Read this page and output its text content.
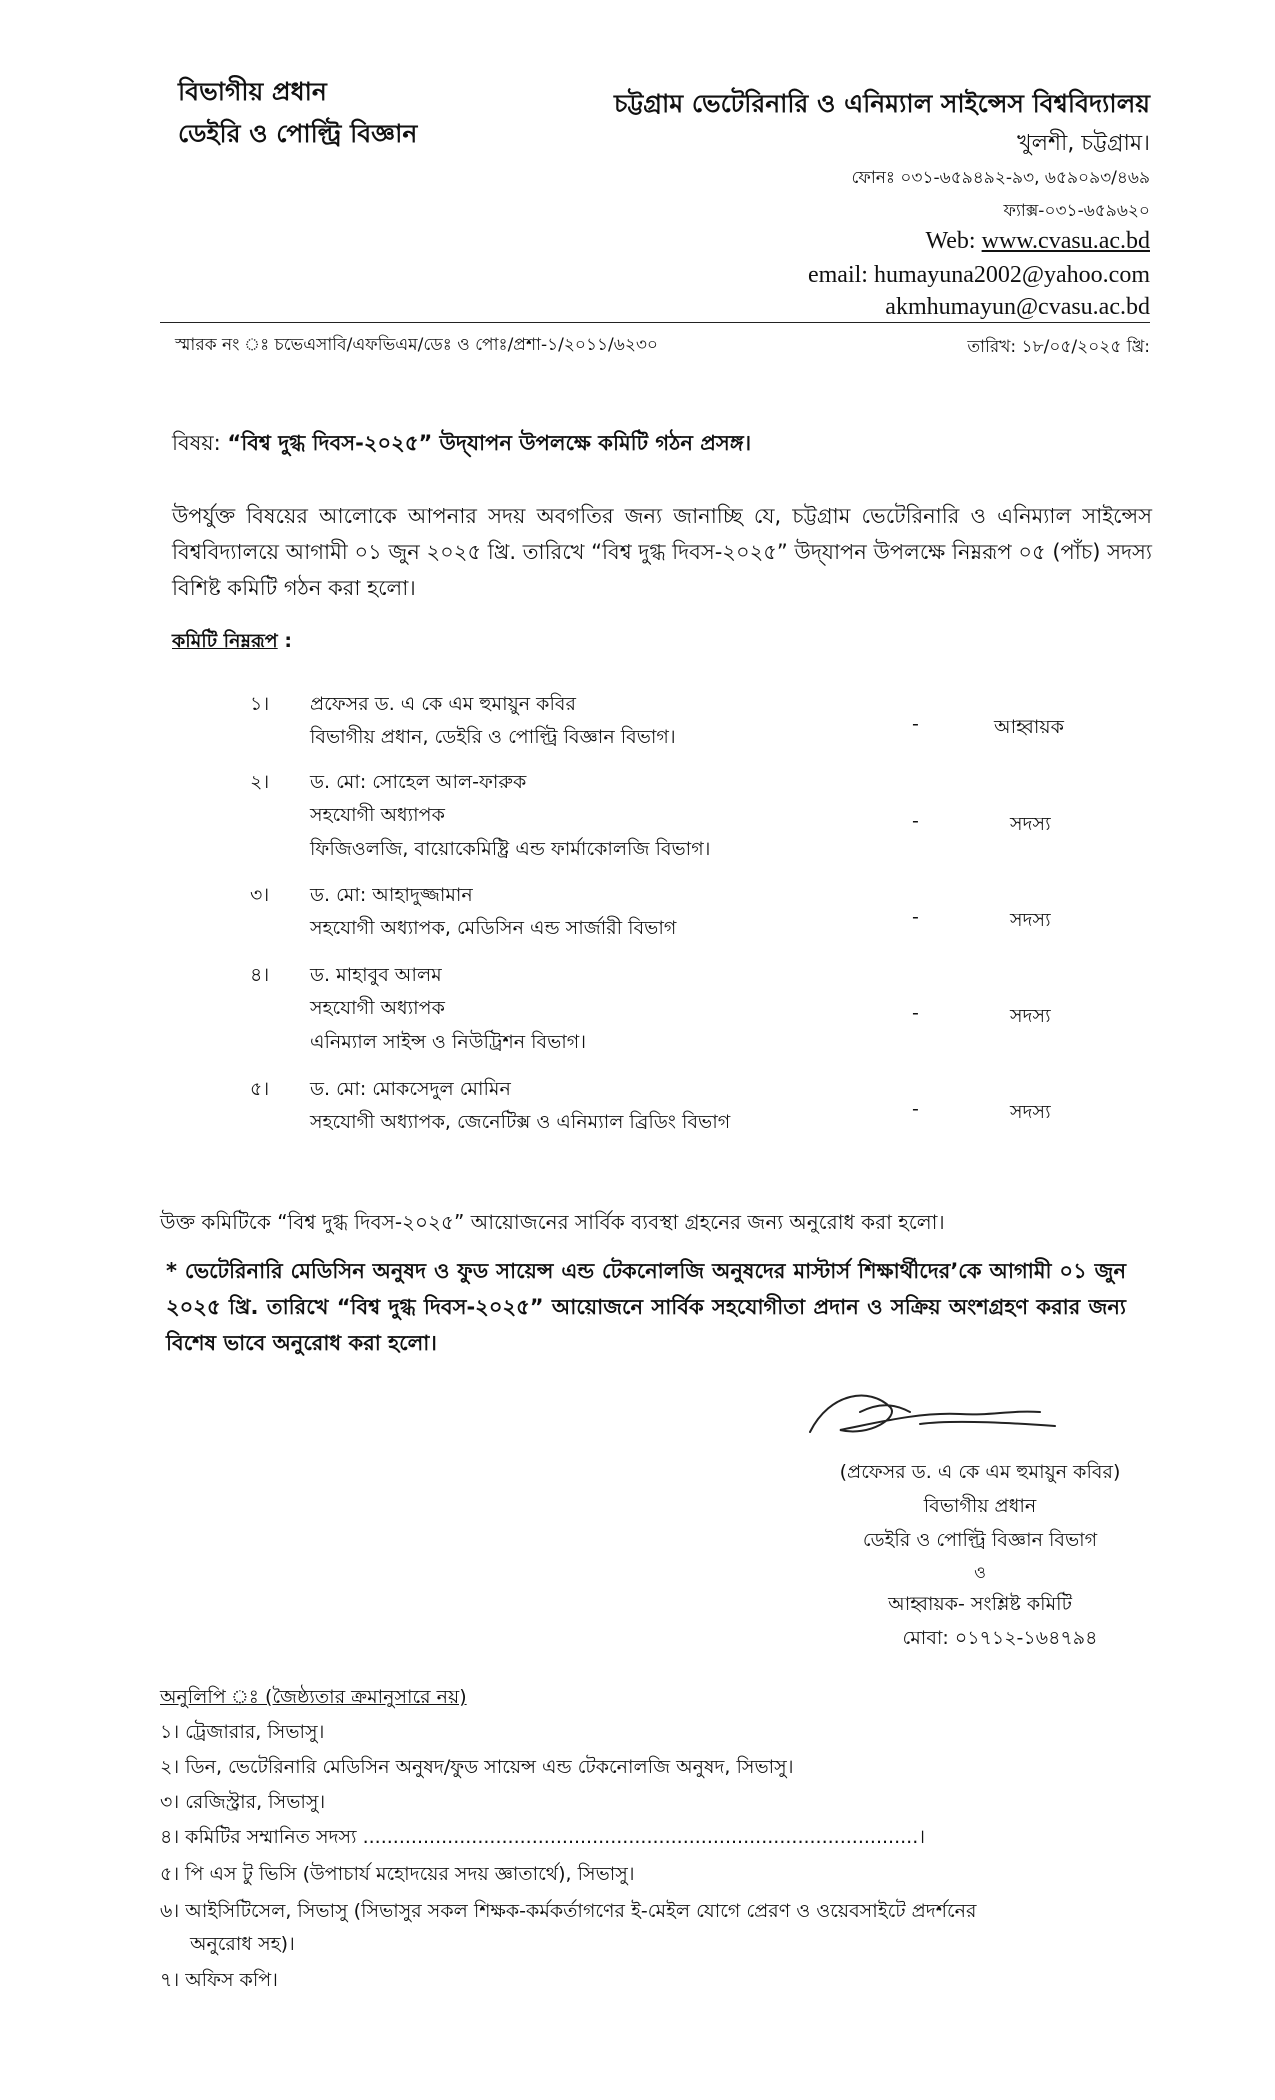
বিভাগীয় প্রধান
ডেইরি ও পোল্ট্রি বিজ্ঞান
চট্টগ্রাম ভেটেরিনারি ও এনিম্যাল সাইন্সেস বিশ্ববিদ্যালয়
খুলশী, চট্টগ্রাম।
ফোনঃ ০৩১-৬৫৯৪৯২-৯৩, ৬৫৯০৯৩/৪৬৯
ফ্যাক্স-০৩১-৬৫৯৬২০
Web: www.cvasu.ac.bd
email: humayuna2002@yahoo.com
akmhumayun@cvasu.ac.bd
স্মারক নং ঃ চভেএসাবি/এফভিএম/ডেঃ ও পোঃ/প্রশা-১/২০১১/৬২৩০	তারিখ: ১৮/০৫/২০২৫ খ্রি:
বিষয়: “বিশ্ব দুগ্ধ দিবস-২০২৫” উদ্‌যাপন উপলক্ষে কমিটি গঠন প্রসঙ্গ।
উপর্যুক্ত বিষয়ের আলোকে আপনার সদয় অবগতির জন্য জানাচ্ছি যে, চট্টগ্রাম ভেটেরিনারি ও এনিম্যাল সাইন্সেস বিশ্ববিদ্যালয়ে আগামী ০১ জুন ২০২৫ খ্রি. তারিখে “বিশ্ব দুগ্ধ দিবস-২০২৫” উদ্‌যাপন উপলক্ষে নিম্নরূপ ০৫ (পাঁচ) সদস্য বিশিষ্ট কমিটি গঠন করা হলো।
কমিটি নিম্নরূপ :
১। প্রফেসর ড. এ কে এম হুমায়ুন কবির
বিভাগীয় প্রধান, ডেইরি ও পোল্ট্রি বিজ্ঞান বিভাগ।
-	আহ্বায়ক
২। ড. মো: সোহেল আল-ফারুক
সহযোগী অধ্যাপক
ফিজিওলজি, বায়োকেমিষ্ট্রি এন্ড ফার্মাকোলজি বিভাগ।
-	সদস্য
৩। ড. মো: আহাদুজ্জামান
সহযোগী অধ্যাপক, মেডিসিন এন্ড সার্জারী বিভাগ	-	সদস্য
৪। ড. মাহাবুব আলম
সহযোগী অধ্যাপক
এনিম্যাল সাইন্স ও নিউট্রিশন বিভাগ।
-	সদস্য
৫। ড. মো: মোকসেদুল মোমিন
সহযোগী অধ্যাপক, জেনেটিক্স ও এনিম্যাল ব্রিডিং বিভাগ
-	সদস্য
উক্ত কমিটিকে “বিশ্ব দুগ্ধ দিবস-২০২৫” আয়োজনের সার্বিক ব্যবস্থা গ্রহনের জন্য অনুরোধ করা হলো।
* ভেটেরিনারি মেডিসিন অনুষদ ও ফুড সায়েন্স এন্ড টেকনোলজি অনুষদের মাস্টার্স শিক্ষার্থীদের’কে আগামী ০১ জুন ২০২৫ খ্রি. তারিখে “বিশ্ব দুগ্ধ দিবস-২০২৫” আয়োজনে সার্বিক সহযোগীতা প্রদান ও সক্রিয় অংশগ্রহণ করার জন্য বিশেষ ভাবে অনুরোধ করা হলো।
(প্রফেসর ড. এ কে এম হুমায়ুন কবির)
বিভাগীয় প্রধান
ডেইরি ও পোল্ট্রি বিজ্ঞান বিভাগ
ও
আহ্বায়ক- সংশ্লিষ্ট কমিটি
মোবা: ০১৭১২-১৬৪৭৯৪
অনুলিপি ঃ (জৈষ্ঠ্যতার ক্রমানুসারে নয়)
১। ট্রেজারার, সিভাসু।
২। ডিন, ভেটেরিনারি মেডিসিন অনুষদ/ফুড সায়েন্স এন্ড টেকনোলজি অনুষদ, সিভাসু।
৩। রেজিস্ট্রার, সিভাসু।
৪। কমিটির সম্মানিত সদস্য ............................................................................................।
৫। পি এস টু ভিসি (উপাচার্য মহোদয়ের সদয় জ্ঞাতার্থে), সিভাসু।
৬। আইসিটিসেল, সিভাসু (সিভাসুর সকল শিক্ষক-কর্মকর্তাগণের ই-মেইল যোগে প্রেরণ ও ওয়েবসাইটে প্রদর্শনের
অনুরোধ সহ)।
৭। অফিস কপি।
